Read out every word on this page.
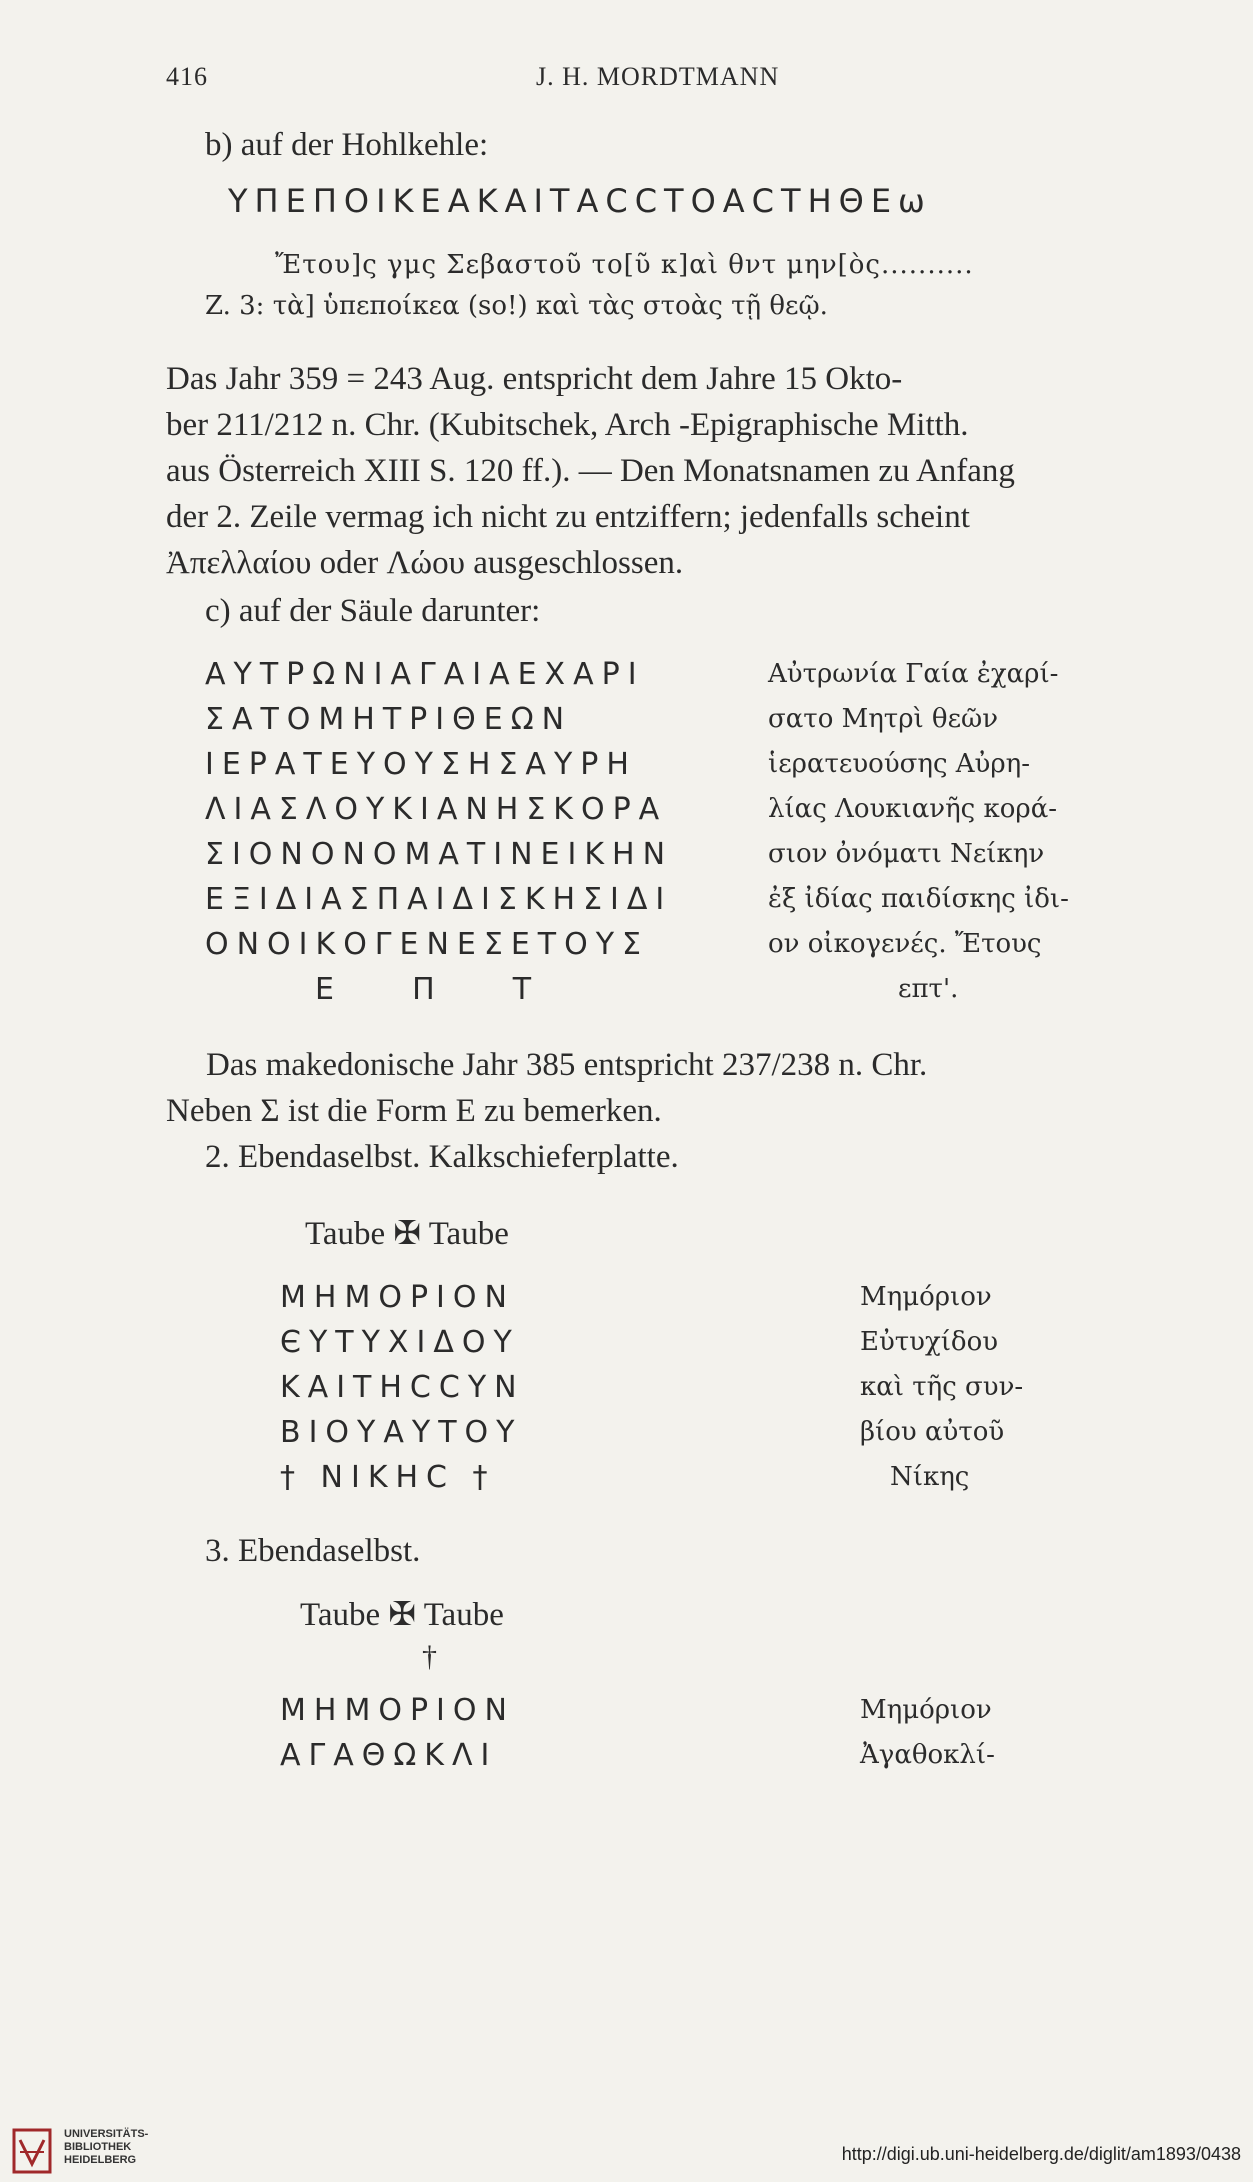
416	J. H. MORDTMANN
b) auf der Hohlkehle:
ΥΠΕΠΟΙΚΕΑΚΑΙΤΑCCΤΟΑCΤΗΘΕω
Ἔτου]ς γμς Σεβαστοῦ το[ῦ κ]αὶ θντ μην[ὸς..........
Z. 3: τὰ] ὑπεποίκεα (so!) καὶ τὰς στοὰς τῇ θεῷ.
Das Jahr 359 = 243 Aug. entspricht dem Jahre 15 Okto-
ber 211/212 n. Chr. (Kubitschek, Arch -Epigraphische Mitth.
aus Österreich XIII S. 120 ff.). — Den Monatsnamen zu Anfang
der 2. Zeile vermag ich nicht zu entziffern; jedenfalls scheint
Ἀπελλαίου oder Λώου ausgeschlossen.
c) auf der Säule darunter:
ΑΥΤΡΩΝΙΑΓΑΙΑΕΧΑΡΙ
ΣΑΤΟΜΗΤΡΙΘΕΩΝ
ΙΕΡΑΤΕΥΟΥΣΗΣΑΥΡΗ
ΛΙΑΣΛΟΥΚΙΑΝΗΣΚΟΡΑ
ΣΙΟΝΟΝΟΜΑΤΙΝΕΙΚΗΝ
ΕΞΙΔΙΑΣΠΑΙΔΙΣΚΗΣΙΔΙ
ΟΝΟΙΚΟΓΕΝΕΣΕΤΟΥΣ
Ε    Π    Τ
Αὐτρωνία Γαία ἐχαρί-
σατο Μητρὶ θεῶν
ἱερατευούσης Αὐρη-
λίας Λουκιανῆς κορά-
σιον ὀνόματι Νείκην
ἐξ ἰδίας παιδίσκης ἰδι-
ον οἰκογενές. Ἔτους
επτ'.
Das makedonische Jahr 385 entspricht 237/238 n. Chr.
Neben Σ ist die Form Ε zu bemerken.
2. Ebendaselbst. Kalkschieferplatte.
Taube ✠ Taube
ΜΗΜΟΡΙΟΝ
ЄΥΤΥΧΙΔΟΥ
ΚΑΙΤΗCCΥΝ
ΒΙΟΥΑΥΤΟΥ
† ΝΙΚΗC †
Μημόριον
Εὐτυχίδου
καὶ τῆς συν-
βίου αὐτοῦ
Νίκης
3. Ebendaselbst.
Taube ✠ Taube
†
ΜΗΜΟΡΙΟΝ
ΑΓΑΘΩΚΛΙ
Μημόριον
Ἀγαθοκλί-
UNIVERSITÄTS-
BIBLIOTHEK
HEIDELBERG	http://digi.ub.uni-heidelberg.de/diglit/am1893/0438
